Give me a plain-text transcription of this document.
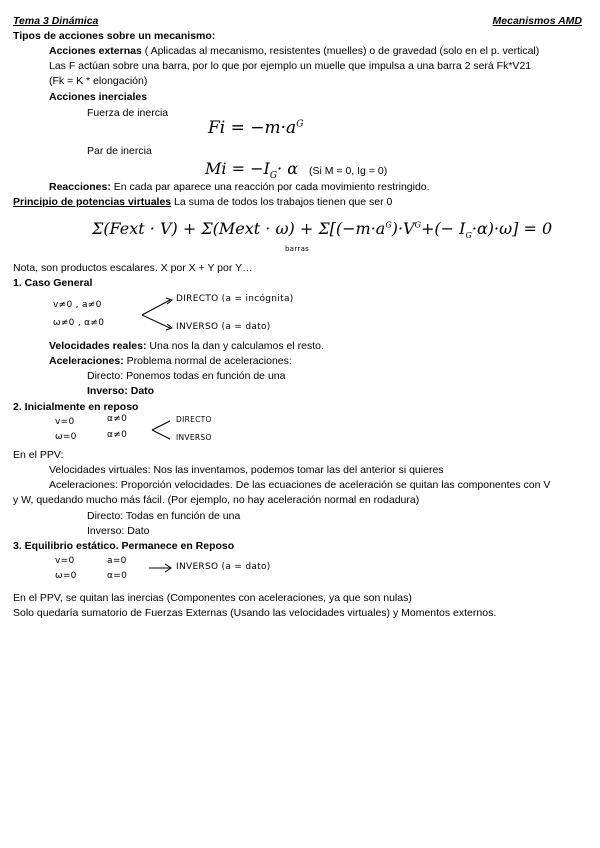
Tema 3 Dinámica	Mecanismos AMD
Tipos de acciones sobre un mecanismo:
Acciones externas ( Aplicadas al mecanismo, resistentes (muelles) o de gravedad (solo en el p. vertical)
Las F actúan sobre una barra, por lo que por ejemplo un muelle que impulsa a una barra 2 será Fk*V21
(Fk = K * elongación)
Acciones inerciales
Fuerza de inercia
$Fi = -m\cdot a^G$
Par de inercia
$Mi = -I_G\cdot \alpha$ (Si M = 0, Ig = 0)
Reacciones: En cada par aparece una reacción por cada movimiento restringido.
Principio de potencias virtuales La suma de todos los trabajos tienen que ser 0
Σ(Fext · V) + Σ(Mext · $\omega) + \Sigma[(-m\cdot a^G)\cdot V^G+(- I_G\cdot\alpha)\cdot\omega] = 0$
barras
Nota, son productos escalares. X por X + Y por Y…
1. Caso General
v≠0 , a≠0
ω≠0 , α≠0
DIRECTO (a = incógnita)
INVERSO (a = dato)
Velocidades reales: Una nos la dan y calculamos el resto.
Aceleraciones: Problema normal de aceleraciones:
Directo: Ponemos todas en función de una
Inverso: Dato
2. Inicialmente en reposo
v=0	α≠0
ω=0	α≠0
DIRECTO
INVERSO
En el PPV:
Velocidades virtuales: Nos las inventamos, podemos tomar las del anterior si quieres
Aceleraciones: Proporción velocidades. De las ecuaciones de aceleración se quitan las componentes con V
y W, quedando mucho más fácil. (Por ejemplo, no hay aceleración normal en rodadura)
Directo: Todas en función de una
Inverso: Dato
3. Equilibrio estático. Permanece en Reposo
v=0	a=0
ω=0	α=0
INVERSO (a = dato)
En el PPV, se quitan las inercias (Componentes con aceleraciones, ya que son nulas)
Solo quedaría sumatorio de Fuerzas Externas (Usando las velocidades virtuales) y Momentos externos.
